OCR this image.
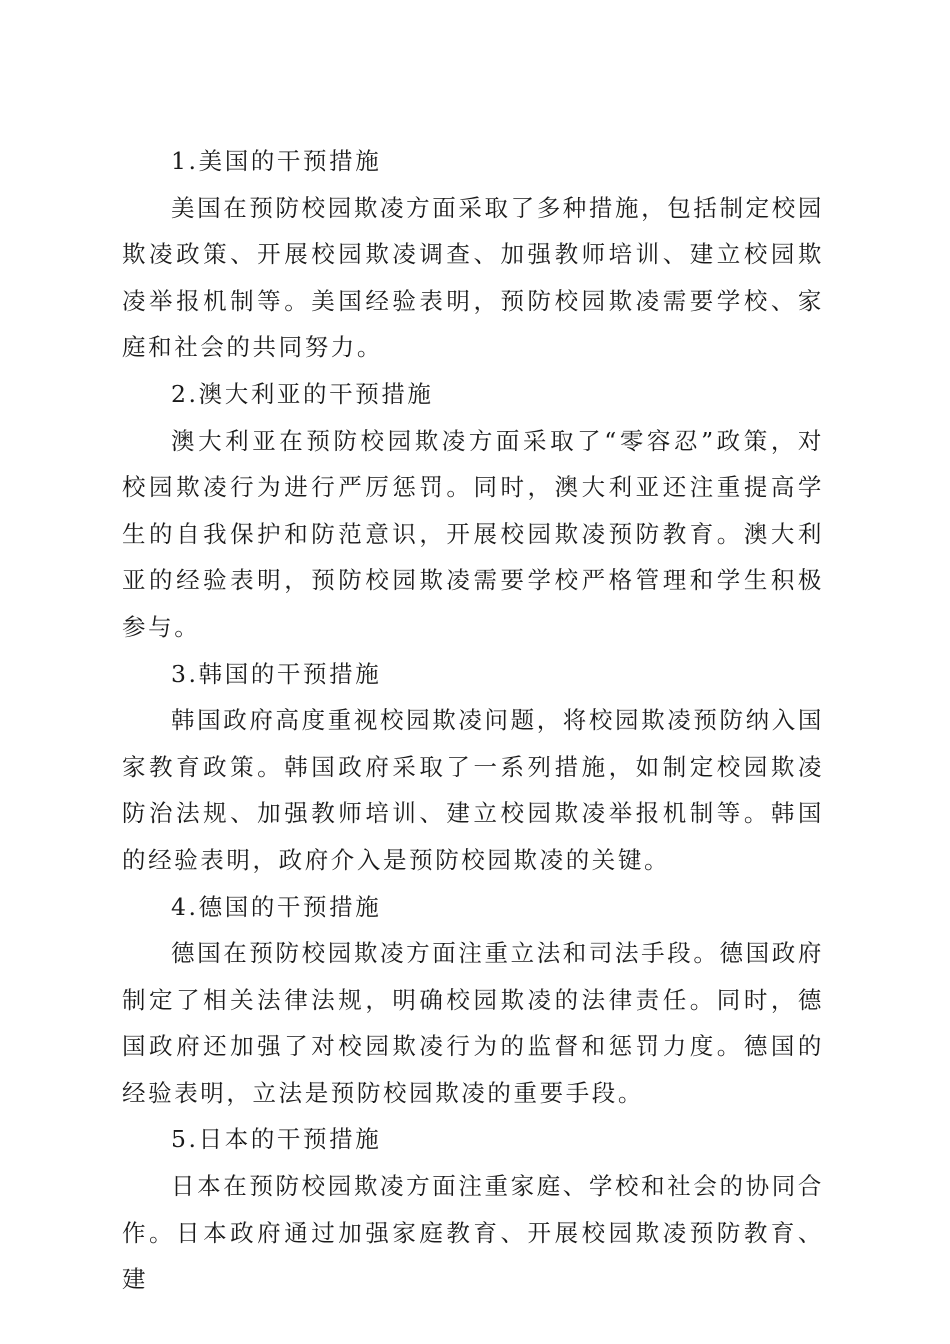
1.美国的干预措施

美国在预防校园欺凌方面采取了多种措施，包括制定校园欺凌政策、开展校园欺凌调查、加强教师培训、建立校园欺凌举报机制等。美国经验表明，预防校园欺凌需要学校、家庭和社会的共同努力。

2.澳大利亚的干预措施

澳大利亚在预防校园欺凌方面采取了“零容忍”政策，对校园欺凌行为进行严厉惩罚。同时，澳大利亚还注重提高学生的自我保护和防范意识，开展校园欺凌预防教育。澳大利亚的经验表明，预防校园欺凌需要学校严格管理和学生积极参与。

3.韩国的干预措施

韩国政府高度重视校园欺凌问题，将校园欺凌预防纳入国家教育政策。韩国政府采取了一系列措施，如制定校园欺凌防治法规、加强教师培训、建立校园欺凌举报机制等。韩国的经验表明，政府介入是预防校园欺凌的关键。

4.德国的干预措施

德国在预防校园欺凌方面注重立法和司法手段。德国政府制定了相关法律法规，明确校园欺凌的法律责任。同时，德国政府还加强了对校园欺凌行为的监督和惩罚力度。德国的经验表明，立法是预防校园欺凌的重要手段。

5.日本的干预措施

日本在预防校园欺凌方面注重家庭、学校和社会的协同合作。日本政府通过加强家庭教育、开展校园欺凌预防教育、建
